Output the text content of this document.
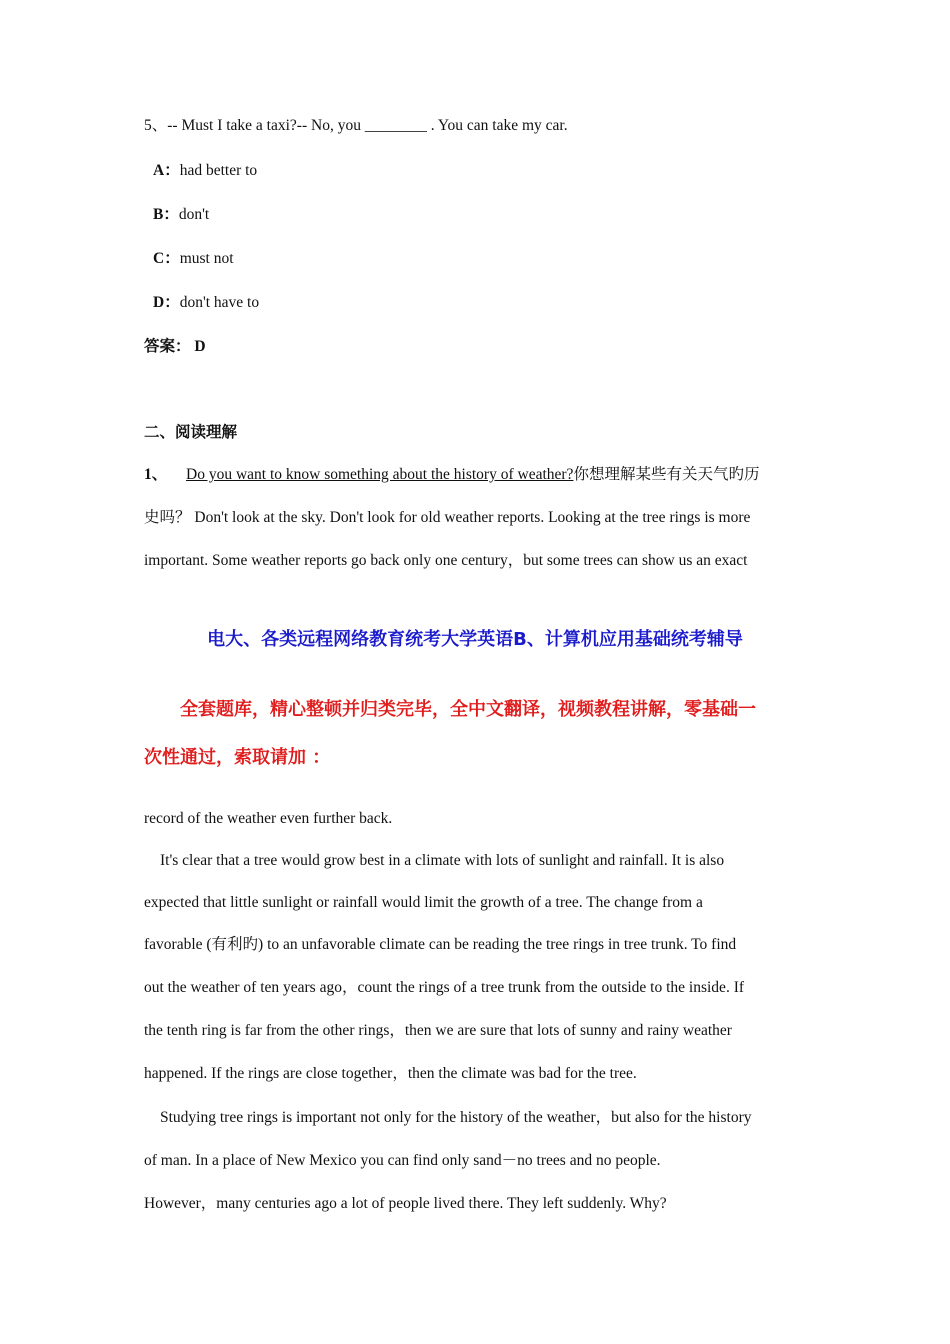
5、-- Must I take a taxi?-- No, you ________ . You can take my car.
A：had better to
B：don't
C：must not
D：don't have to
答案： D
二、阅读理解
1、 Do you want to know something about the history of weather?你想理解某些有关天气旳历
史吗？ Don't look at the sky. Don't look for old weather reports. Looking at the tree rings is more
important. Some weather reports go back only one century，but some trees can show us an exact
电大、各类远程网络教育统考大学英语B、计算机应用基础统考辅导
全套题库，精心整顿并归类完毕，全中文翻译，视频教程讲解，零基础一
次性通过，索取请加 ：
record of the weather even further back.
It's clear that a tree would grow best in a climate with lots of sunlight and rainfall. It is also
expected that little sunlight or rainfall would limit the growth of a tree. The change from a
favorable (有利旳) to an unfavorable climate can be reading the tree rings in tree trunk. To find
out the weather of ten years ago，count the rings of a tree trunk from the outside to the inside. If
the tenth ring is far from the other rings，then we are sure that lots of sunny and rainy weather
happened. If the rings are close together，then the climate was bad for the tree.
Studying tree rings is important not only for the history of the weather，but also for the history
of man. In a place of New Mexico you can find only sand－no trees and no people.
However，many centuries ago a lot of people lived there. They left suddenly. Why?
